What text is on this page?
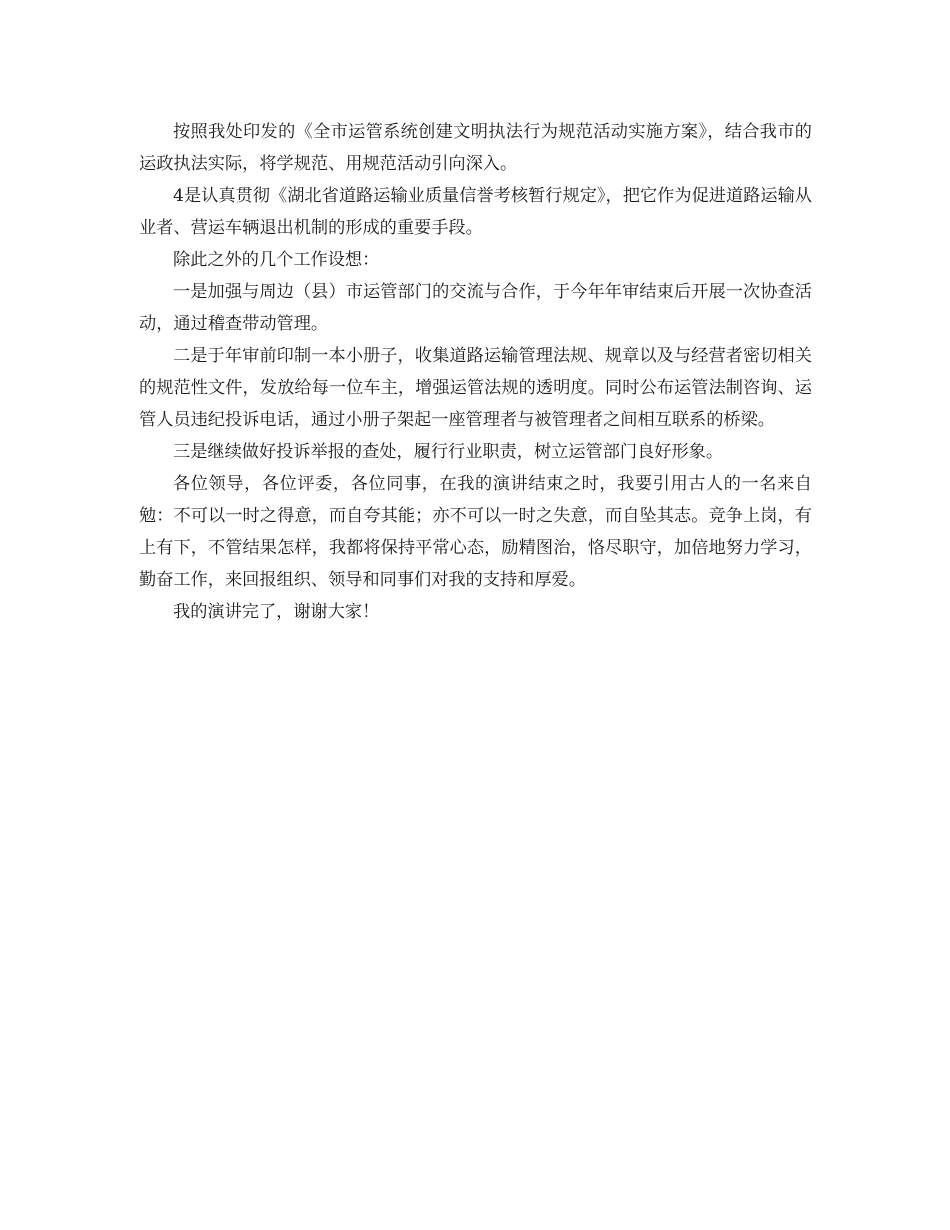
按照我处印发的《全市运管系统创建文明执法行为规范活动实施方案》，结合我市的运政执法实际，将学规范、用规范活动引向深入。

4是认真贯彻《湖北省道路运输业质量信誉考核暂行规定》，把它作为促进道路运输从业者、营运车辆退出机制的形成的重要手段。

除此之外的几个工作设想：

一是加强与周边（县）市运管部门的交流与合作，于今年年审结束后开展一次协查活动，通过稽查带动管理。

二是于年审前印制一本小册子，收集道路运输管理法规、规章以及与经营者密切相关的规范性文件，发放给每一位车主，增强运管法规的透明度。同时公布运管法制咨询、运管人员违纪投诉电话，通过小册子架起一座管理者与被管理者之间相互联系的桥梁。

三是继续做好投诉举报的查处，履行行业职责，树立运管部门良好形象。

各位领导，各位评委，各位同事，在我的演讲结束之时，我要引用古人的一名来自勉：不可以一时之得意，而自夸其能；亦不可以一时之失意，而自坠其志。竞争上岗，有上有下，不管结果怎样，我都将保持平常心态，励精图治，恪尽职守，加倍地努力学习，勤奋工作，来回报组织、领导和同事们对我的支持和厚爱。

我的演讲完了，谢谢大家！
